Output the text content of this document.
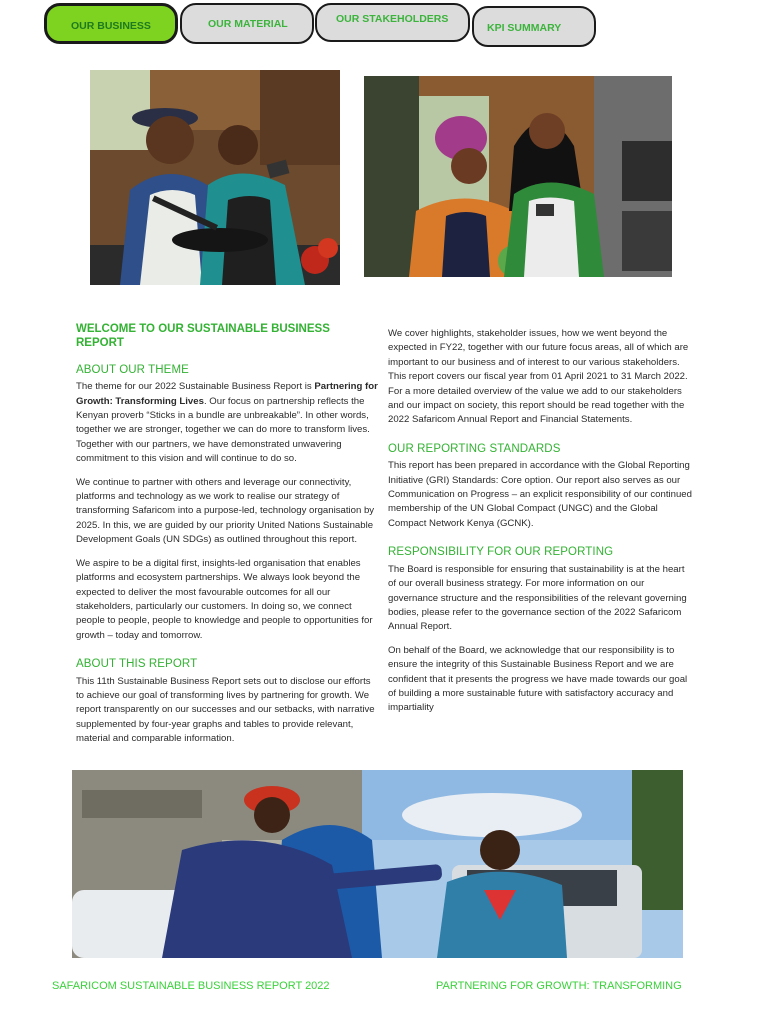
OUR BUSINESS	OUR MATERIAL	OUR STAKEHOLDERS
KPI SUMMARY
WELCOME TO OUR SUSTAINABLE BUSINESS REPORT
ABOUT OUR THEME

The theme for our 2022 Sustainable Business Report is Partnering for Growth: Transforming Lives. Our focus on partnership reflects the Kenyan proverb “Sticks in a bundle are unbreakable”. In other words, together we are stronger, together we can do more to transform lives. Together with our partners, we have demonstrated unwavering commitment to this vision and will continue to do so.

We continue to partner with others and leverage our connectivity, platforms and technology as we work to realise our strategy of transforming Safaricom into a purpose-led, technology organisation by 2025. In this, we are guided by our priority United Nations Sustainable Development Goals (UN SDGs) as outlined throughout this report.

We aspire to be a digital first, insights-led organisation that enables platforms and ecosystem partnerships. We always look beyond the expected to deliver the most favourable outcomes for all our stakeholders, particularly our customers. In doing so, we connect people to people, people to knowledge and people to opportunities for growth – today and tomorrow.

ABOUT THIS REPORT

This 11th Sustainable Business Report sets out to disclose our efforts to achieve our goal of transforming lives by partnering for growth. We report transparently on our successes and our setbacks, with narrative supplemented by four-year graphs and tables to provide relevant, material and comparable information.

We cover highlights, stakeholder issues, how we went beyond the expected in FY22, together with our future focus areas, all of which are important to our business and of interest to our various stakeholders. This report covers our fiscal year from 01 April 2021 to 31 March 2022. For a more detailed overview of the value we add to our stakeholders and our impact on society, this report should be read together with the 2022 Safaricom Annual Report and Financial Statements.

OUR REPORTING STANDARDS

This report has been prepared in accordance with the Global Reporting Initiative (GRI) Standards: Core option. Our report also serves as our Communication on Progress – an explicit responsibility of our continued membership of the UN Global Compact (UNGC) and the Global Compact Network Kenya (GCNK).

RESPONSIBILITY FOR OUR REPORTING

The Board is responsible for ensuring that sustainability is at the heart of our overall business strategy. For more information on our governance structure and the responsibilities of the relevant governing bodies, please refer to the governance section of the 2022 Safaricom Annual Report.

On behalf of the Board, we acknowledge that our responsibility is to ensure the integrity of this Sustainable Business Report and we are confident that it presents the progress we have made towards our goal of building a more sustainable future with satisfactory accuracy and impartiality

SAFARICOM SUSTAINABLE BUSINESS REPORT 2022	PARTNERING FOR GROWTH: TRANSFORMING
